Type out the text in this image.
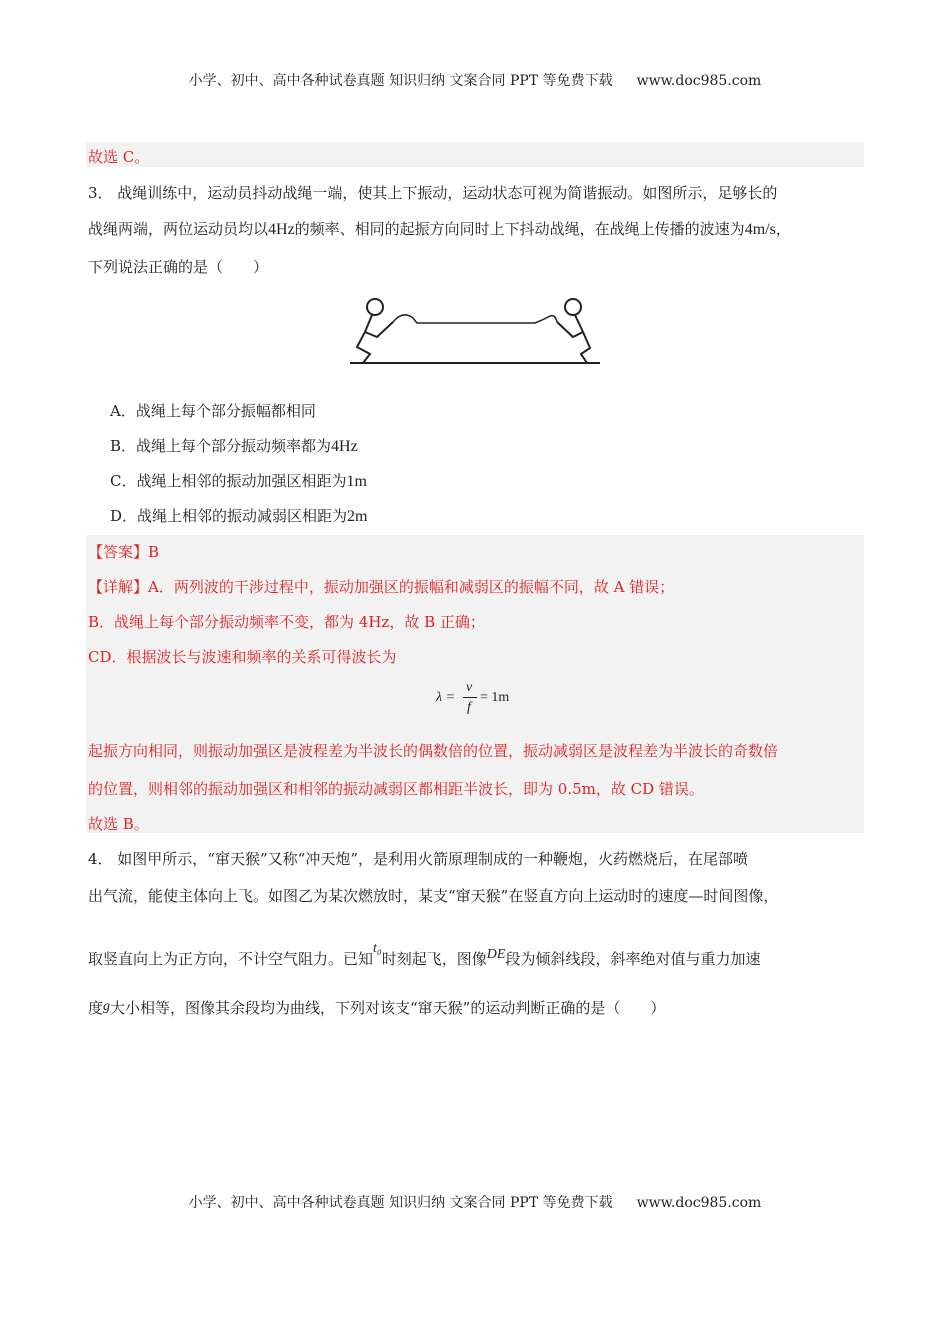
小学、初中、高中各种试卷真题 知识归纳 文案合同 PPT 等免费下载 www.doc985.com
故选 C。
3． 战绳训练中，运动员抖动战绳一端，使其上下振动，运动状态可视为简谐振动。如图所示，足够长的
战绳两端，两位运动员均以4Hz的频率、相同的起振方向同时上下抖动战绳，在战绳上传播的波速为4m/s，
下列说法正确的是（　　）
A．战绳上每个部分振幅都相同
B．战绳上每个部分振动频率都为4Hz
C．战绳上相邻的振动加强区相距为1m
D．战绳上相邻的振动减弱区相距为2m
【答案】B
【详解】A．两列波的干涉过程中，振动加强区的振幅和减弱区的振幅不同，故 A 错误；
B．战绳上每个部分振动频率不变，都为 4Hz，故 B 正确；
CD．根据波长与波速和频率的关系可得波长为
λ =
v
f
= 1m
起振方向相同，则振动加强区是波程差为半波长的偶数倍的位置，振动减弱区是波程差为半波长的奇数倍
的位置，则相邻的振动加强区和相邻的振动减弱区都相距半波长，即为 0.5m，故 CD 错误。
故选 B。
4． 如图甲所示，“窜天猴”又称“冲天炮”，是利用火箭原理制成的一种鞭炮，火药燃烧后，在尾部喷
出气流，能使主体向上飞。如图乙为某次燃放时，某支“窜天猴”在竖直方向上运动时的速度—时间图像，
取竖直向上为正方向，不计空气阻力。已知t₀时刻起飞，图像DE段为倾斜线段，斜率绝对值与重力加速
度g大小相等，图像其余段均为曲线，下列对该支“窜天猴”的运动判断正确的是（　　）
小学、初中、高中各种试卷真题 知识归纳 文案合同 PPT 等免费下载 www.doc985.com
